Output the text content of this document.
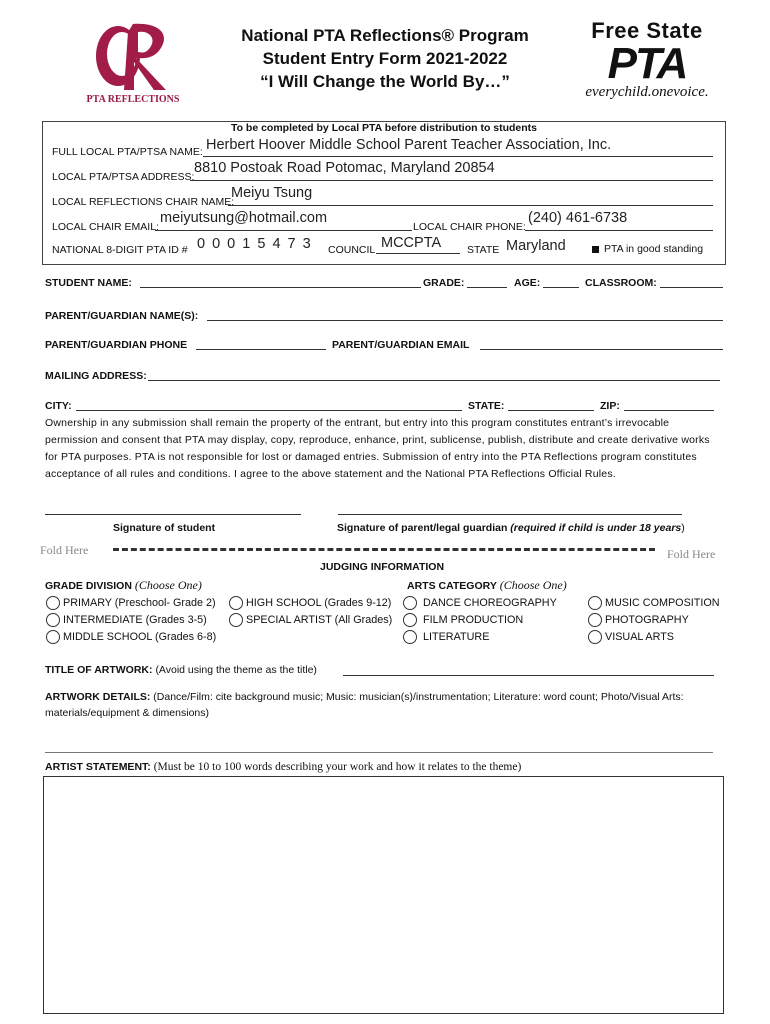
PTA REFLECTIONS
National PTA Reflections® Program
Student Entry Form 2021-2022
“I Will Change the World By…”
Free State
PTA
everychild.onevoice.
To be completed by Local PTA before distribution to students
FULL LOCAL PTA/PTSA NAME: Herbert Hoover Middle School Parent Teacher Association, Inc.
LOCAL PTA/PTSA ADDRESS:
8810 Postoak Road Potomac, Maryland 20854
LOCAL REFLECTIONS CHAIR NAME:
Meiyu Tsung
LOCAL CHAIR EMAIL:
meiyutsung@hotmail.com
LOCAL CHAIR PHONE:
(240) 461-6738
NATIONAL 8-DIGIT PTA ID # 0 0 0 1 5 4 7 3 COUNCIL MCCPTA STATE Maryland	PTA in good standing
STUDENT NAME:	GRADE:	AGE:	CLASSROOM:
PARENT/GUARDIAN NAME(S):
PARENT/GUARDIAN PHONE	PARENT/GUARDIAN EMAIL
MAILING ADDRESS:
CITY:	STATE:	ZIP:
Ownership in any submission shall remain the property of the entrant, but entry into this program constitutes entrant’s irrevocable permission and consent that PTA may display, copy, reproduce, enhance, print, sublicense, publish, distribute and create derivative works for PTA purposes. PTA is not responsible for lost or damaged entries. Submission of entry into the PTA Reflections program constitutes acceptance of all rules and conditions. I agree to the above statement and the National PTA Reflections Official Rules.
Signature of student	Signature of parent/legal guardian (required if child is under 18 years)
Fold Here	Fold Here
JUDGING INFORMATION
GRADE DIVISION (Choose One)	ARTS CATEGORY (Choose One)
PRIMARY (Preschool- Grade 2)
INTERMEDIATE (Grades 3-5)
MIDDLE SCHOOL (Grades 6-8)
HIGH SCHOOL (Grades 9-12)
SPECIAL ARTIST (All Grades)
DANCE CHOREOGRAPHY
FILM PRODUCTION
LITERATURE
MUSIC COMPOSITION
PHOTOGRAPHY
VISUAL ARTS
TITLE OF ARTWORK: (Avoid using the theme as the title)
ARTWORK DETAILS: (Dance/Film: cite background music; Music: musician(s)/instrumentation; Literature: word count; Photo/Visual Arts: materials/equipment & dimensions)
ARTIST STATEMENT: (Must be 10 to 100 words describing your work and how it relates to the theme)
